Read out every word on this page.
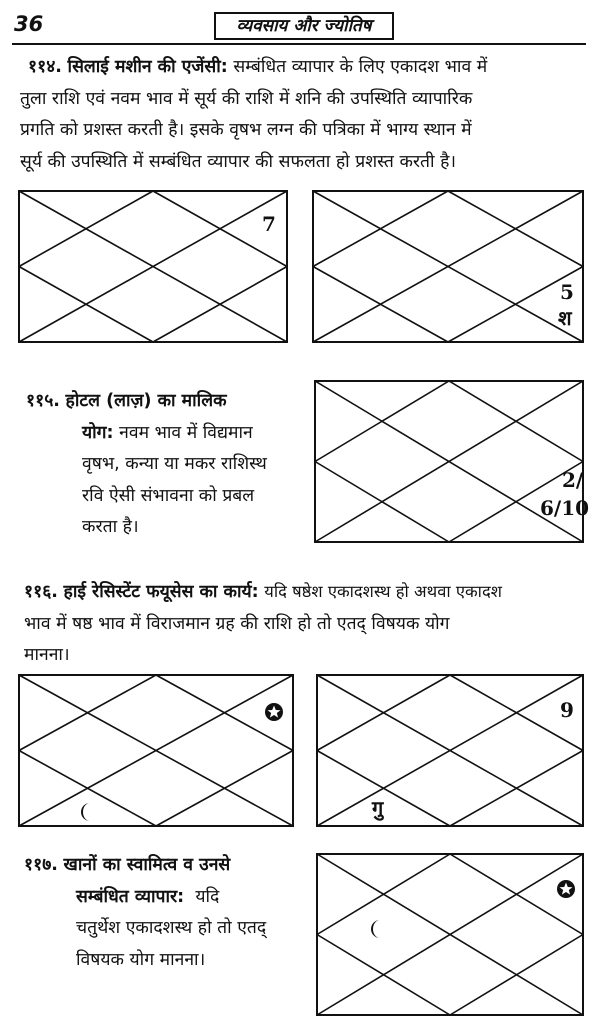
36	व्यवसाय और ज्योतिष
११४. सिलाई मशीन की एजेंसी: सम्बंधित व्यापार के लिए एकादश भाव में
तुला राशि एवं नवम भाव में सूर्य की राशि में शनि की उपस्थिति व्यापारिक
प्रगति को प्रशस्त करती है। इसके वृषभ लग्न की पत्रिका में भाग्य स्थान में
सूर्य की उपस्थिति में सम्बंधित व्यापार की सफलता हो प्रशस्त करती है।
7
5
श
११५. होटल (लाज़) का मालिक
योग: नवम भाव में विद्यमान
वृषभ, कन्या या मकर राशिस्थ
रवि ऐसी संभावना को प्रबल
करता है।
2/
6/10
११६. हाई रेसिस्टेंट फयूसेस का कार्य: यदि षष्ठेश एकादशस्थ हो अथवा एकादश
भाव में षष्ठ भाव में विराजमान ग्रह की राशि हो तो एतद् विषयक योग
मानना।
9
गु
११७. खानों का स्वामित्व व उनसे
सम्बंधित व्यापार: यदि
चतुर्थेश एकादशस्थ हो तो एतद्
विषयक योग मानना।
